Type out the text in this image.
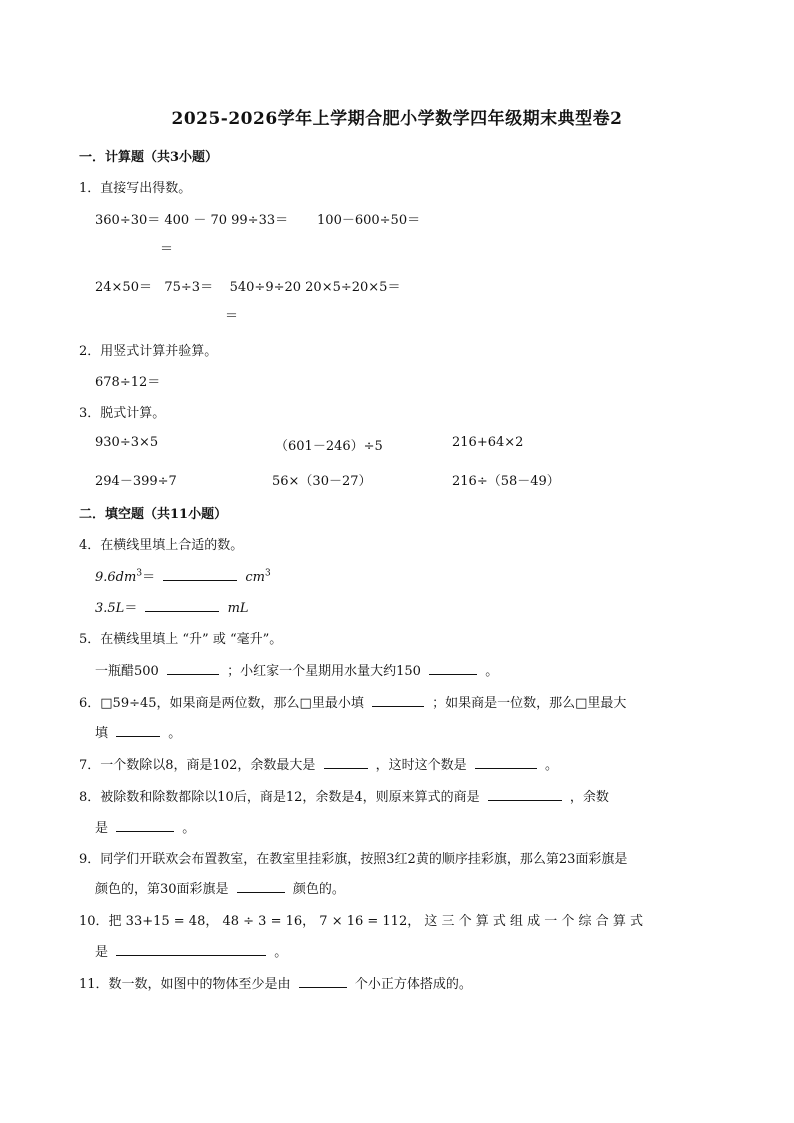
2025-2026学年上学期合肥小学数学四年级期末典型卷2
一．计算题（共3小题）
1．直接写出得数。
360÷30＝ 400 － 70 99÷33＝       100－600÷50＝
＝
24×50＝   75÷3＝    540÷9÷20 20×5÷20×5＝
＝
2．用竖式计算并验算。
678÷12＝
3．脱式计算。
930÷3×5	（601－246）÷5	216+64×2
294－399÷7	56×（30－27）	216÷（58－49）
二．填空题（共11小题）
4．在横线里填上合适的数。
$9.6dm^3=$	$cm^3$
3.5L＝	mL
5．在横线里填上 “升” 或 “毫升”。
一瓶醋500	；小红家一个星期用水量大约150	。
6．□59÷45，如果商是两位数，那么□里最小填	；如果商是一位数，那么□里最大
填	。
7．一个数除以8，商是102，余数最大是	，这时这个数是	。
8．被除数和除数都除以10后，商是12，余数是4，则原来算式的商是	，余数
是	。
9．同学们开联欢会布置教室，在教室里挂彩旗，按照3红2黄的顺序挂彩旗，那么第23面彩旗是
颜色的，第30面彩旗是	颜色的。
10．把 33+15 = 48， 48 ÷ 3 = 16， 7 × 16 = 112， 这 三 个 算 式 组 成 一 个 综 合 算 式
是	。
11．数一数，如图中的物体至少是由	个小正方体搭成的。
